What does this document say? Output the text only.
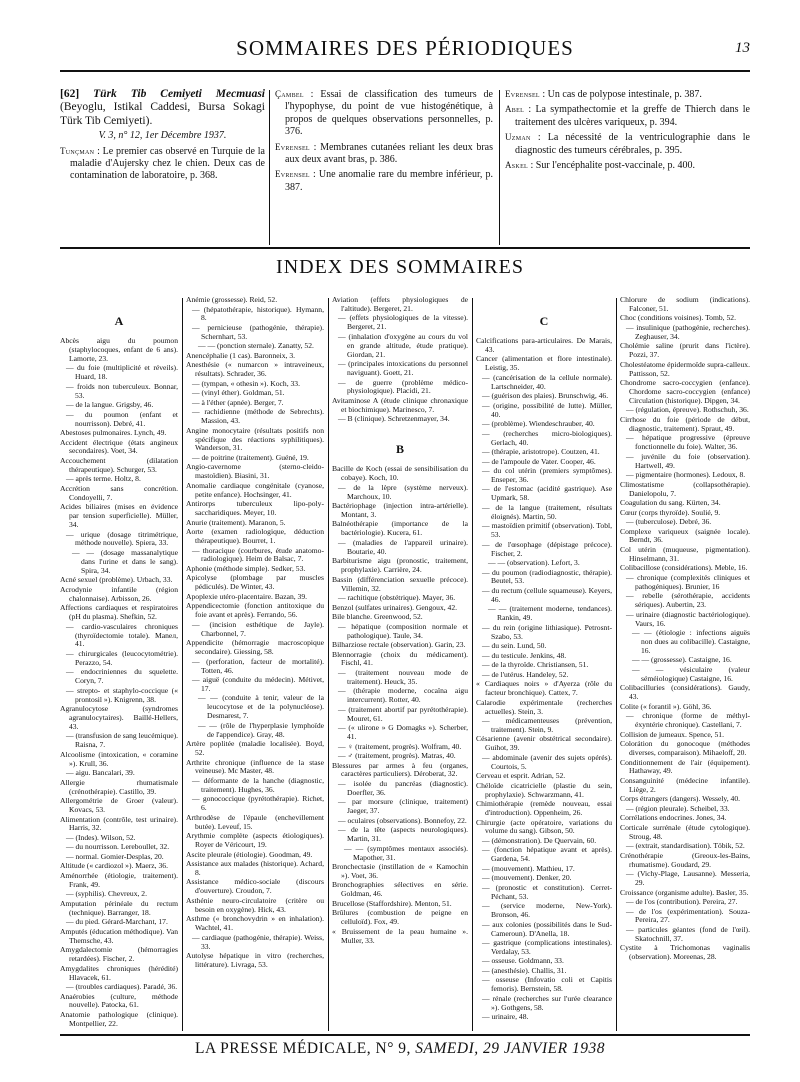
SOMMAIRES DES PÉRIODIQUES	13
[62] Türk Tib Cemiyeti Mecmuasi (Beyoglu, Istikal Caddesi, Bursa Sokagi Türk Tib Cemiyeti).
V. 3, n° 12, 1er Décembre 1937.
Tunçman : Le premier cas observé en Turquie de la maladie d'Aujersky chez le chien. Deux cas de contamination de laboratoire, p. 368.
Çambel : Essai de classification des tumeurs de l'hypophyse, du point de vue histogénétique, à propos de quelques observations personnelles, p. 376.
Evrensel : Membranes cutanées reliant les deux bras aux deux avant bras, p. 386.
Evrensel : Une anomalie rare du membre inférieur, p. 387.
Evrensel : Un cas de polypose intestinale, p. 387.
Abel : La sympathectomie et la greffe de Thierch dans le traitement des ulcères variqueux, p. 394.
Uzman : La nécessité de la ventriculographie dans le diagnostic des tumeurs cérébrales, p. 395.
Askel : Sur l'encéphalite post-vaccinale, p. 400.
INDEX DES SOMMAIRES
A
Abcès aigu du poumon (staphylocoques, enfant de 6 ans). Lamorte, 23.
— du foie (multiplicité et réveils). Huard, 18.
— froids non tuberculeux. Bonnar, 53.
— de la langue. Grigsby, 46.
— du poumon (enfant et nourrisson). Debré, 41.
Abestoses pulmonaires. Lynch, 49.
Accident électrique (états angineux secondaires). Voet, 34.
Accouchement (dilatation thérapeutique). Schurger, 53.
— après terme. Holtz, 8.
Accrétion sans concrétion. Condoyelli, 7.
Acides biliaires (mises en évidence par tension superficielle). Müller, 34.
— urique (dosage titrimétrique, méthode nouvelle). Spiera, 33.
— — (dosage massanalytique dans l'urine et dans le sang). Spira, 34.
Acné sexuel (problème). Urbach, 33.
Acrodynie infantile (région chalonnaise). Arbisson, 26.
Affections cardiaques et respiratoires (pH du plasma). Shefkin, 52.
— cardio-vasculaires chroniques (thyroïdectomie totale). Maneл, 41.
— chirurgicales (leucocytométrie). Perazzo, 54.
— endocriniennes du squelette. Coryn, 7.
— strepto- et staphylo-coccique (« prontosil »). Knigrenn, 38.
Agranulocytose (syndromes agranulocytaires). Baillé-Hellers, 43.
— (transfusion de sang leucémique). Raisna, 7.
Alcoolisme (intoxication, « coramine »). Krull, 36.
— aigu. Bancalari, 39.
Allergie rhumatismale (crénothérapie). Castillo, 39.
Allergométrie de Groer (valeur). Kovacs, 53.
Alimentation (contrôle, test urinaire). Harris, 32.
— (Indes). Wilson, 52.
— du nourrisson. Lereboullet, 32.
— normal. Gomier-Desplas, 20.
Altitude (« cardiozol »). Maerz, 36.
Aménorrhée (étiologie, traitement). Frank, 49.
— (syphilis). Chevreux, 2.
Amputation périnéale du rectum (technique). Barranger, 18.
— du pied. Gérard-Marchant, 17.
Amputés (éducation méthodique). Van Themsche, 43.
Amygdalectomie (hémorragies retardées). Fischer, 2.
Amygdalites chroniques (hérédité) Hlavacek, 61.
— (troubles cardiaques). Paradé, 36.
Anaérobies (culture, méthode nouvelle). Patocka, 61.
Anatomie pathologique (clinique). Montpellier, 22.
Anémie (grossesse). Reid, 52.
— (hépatothérapie, historique). Hymann, 8.
— pernicieuse (pathogénie, thérapie). Schernhart, 53.
— — (ponction sternale). Zanatty, 52.
Anencéphalie (1 cas). Baronneix, 3.
Anesthésie (« numarcon » intraveineux, résultats). Schrader, 36.
— (tympan, « othesin »). Koch, 33.
— (vinyl éther). Goldman, 51.
— à l'éther (apnée). Berger, 7.
— rachidienne (méthode de Sebrechts). Massion, 43.
Angine monocytaire (résultats positifs non spécifique des réactions syphilitiques). Wanderson, 31.
— de poitrine (traitement). Guéné, 19.
Angio-cavernome (sterno-cleido-mastoïdien). Biasini, 31.
Anomalie cardiaque congénitale (cyanose, petite enfance). Hochsinger, 41.
Antirorps tuberculeux lipo-poly-saccharidiques. Meyer, 10.
Anurie (traitement). Maranon, 5.
Aorte (examen radiologique, déduction thérapeutique). Bourret, 1.
— thoracique (courbures, étude anatomo-radiologique). Heim de Balsac, 7.
Aphonie (méthode simple). Sedker, 53.
Apicolyse (plombage par muscles pédiculés). De Winter, 43.
Apoplexie utéro-placentaire. Bazan, 39.
Appendicectomie (fonction antitoxique du foie avant et après). Ferrando, 56.
— (incision esthétique de Jayle). Charbonnel, 7.
Appendicite (hémorragie macroscopique secondaire). Giessing, 58.
— (perforation, facteur de mortalité). Totten, 46.
— aiguë (conduite du médecin). Métivet, 17.
— — (conduite à tenir, valeur de la leucocytose et de la polynucléose). Desmarest, 7.
— — (rôle de l'hyperplasie lymphoïde de l'appendice). Gray, 48.
Artère poplitée (maladie localisée). Boyd, 52.
Arthrite chronique (influence de la stase veineuse). Mc Master, 48.
— déformante de la hanche (diagnostic, traitement). Hughes, 36.
— gonococcique (pyrétothérapie). Richet, 6.
Arthrodèse de l'épaule (enchevillement butée). Leveuf, 15.
Arythmie complète (aspects étiologiques). Royer de Véricourt, 19.
Ascite pleurale (étiologie). Goodman, 49.
Assistance aux malades (historique). Achard, 8.
Assistance médico-sociale (discours d'ouverture). Croudon, 7.
Asthénie neuro-circulatoire (critère ou besoin en oxygène). Hick, 43.
Asthme (« bronchovydrin » en inhalation). Wachtel, 41.
— cardiaque (pathogénie, thérapie). Weiss, 33.
Autolyse hépatique in vitro (recherches, littérature). Livraga, 53.
Aviation (effets physiologiques de l'altitude). Bergeret, 21.
— (effets physiologiques de la vitesse). Bergeret, 21.
— (inhalation d'oxygène au cours du vol en grande altitude, étude pratique). Giordan, 21.
— (principales intoxications du personnel naviguant). Goett, 21.
— de guerre (problème médico-physiologique). Placidi, 21.
Avitaminose A (étude clinique chronaxique et biochimique). Marinesco, 7.
— B (clinique). Schretzenmayer, 34.
B
Bacille de Koch (essai de sensibilisation du cobaye). Koch, 10.
— de la lèpre (système nerveux). Marchoux, 10.
Bactériophage (injection intra-artérielle). Montant, 3.
Balnéothérapie (importance de la bactériologie). Kucera, 61.
— (maladies de l'appareil urinaire). Boutarie, 40.
Barbiturisme aigu (pronostic, traitement, prophylaxie). Carrière, 24.
Bassin (différenciation sexuelle précoce). Villemin, 32.
— rachitique (obstétrique). Mayer, 36.
Benzol (sulfates urinaires). Gengoux, 42.
Bile blanche. Greenwood, 52.
— hépatique (composition normale et pathologique). Taule, 34.
Bilharziose rectale (observation). Garin, 23.
Blennorragie (choix du médicament). Fischl, 41.
— (traitement nouveau mode de traitement). Heuck, 35.
— (thérapie moderne, cocaïna aigu intercurrent). Rotter, 40.
— (traitement abortif par pyrétothérapie). Mouret, 61.
— (« ulirone » G Domagks »). Scherber, 41.
— ♀ (traitement, progrès). Wolfram, 40.
— ♂ (traitement, progrès). Matras, 40.
Blessures par armes à feu (organes, caractères particuliers). Déroberat, 32.
— isolée du pancréas (diagnostic). Doerfler, 36.
— par morsure (clinique, traitement) Jaeger, 37.
— oculaires (observations). Bonnefoy, 22.
— de la tête (aspects neurologiques). Martin, 31.
— — (symptômes mentaux associés). Mapother, 31.
Bronchectasie (instillation de « Kamochin »). Voet, 36.
Bronchographies sélectives en série. Goldman, 46.
Brucellose (Staffordshire). Menton, 51.
Brûlures (combustion de peigne en celluloïd). Fox, 49.
« Bruissement de la peau humaine ». Muller, 33.
C
Calcifications para-articulaires. De Marais, 43.
Cancer (alimentation et flore intestinale). Leistig, 35.
— (cancérisation de la cellule normale). Lartschneider, 40.
— (guérison des plaies). Brunschwig, 46.
— (origine, possibilité de lutte). Müller, 40.
— (problème). Wiendeschrauber, 40.
— (recherches micro-biologiques). Gerlach, 40.
— (thérapie, aristotrope). Coutzen, 41.
— de l'ampoule de Vater. Cooper, 46.
— du col utérin (premiers symptômes). Enseper, 36.
— de l'estomac (acidité gastrique). Ase Upmark, 58.
— de la langue (traitement, résultats éloignés). Martin, 50.
— mastoïdien primitif (observation). Tobl, 53.
— de l'œsophage (dépistage précoce). Fischer, 2.
— — (observation). Lefort, 3.
— du poumon (radiodiagnostic, thérapie). Beutel, 53.
— du rectum (cellule squameuse). Keyers, 46.
— — (traitement moderne, tendances). Rankin, 49.
— du rein (origine lithiasique). Petrosnt-Szabo, 53.
— du sein. Lund, 50.
— du testicule. Jenkins, 48.
— de la thyroïde. Christiansen, 51.
— de l'utérus. Handeley, 52.
« Cardiaques noirs » d'Ayerza (rôle du facteur bronchique). Cattex, 7.
Calarodie expérimentale (recherches actuelles). Stein, 3.
— médicamenteuses (prévention, traitement). Stein, 9.
Césarienne (avenir obstétrical secondaire). Guihot, 39.
— abdominale (avenir des sujets opérés). Courtois, 5.
Cerveau et esprit. Adrian, 52.
Chéloïde cicatricielle (plastie du sein, prophylaxie). Schwarzmann, 41.
Chimiothérapie (remède nouveau, essai d'introduction). Oppenheim, 26.
Chirurgie (acte opératoire, variations du volume du sang). Gibson, 50.
— (démonstration). De Quervain, 60.
— (fonction hépatique avant et après). Gardena, 54.
— (mouvement). Mathieu, 17.
— (mouvement). Denker, 20.
— (pronostic et constitution). Cerret-Péchant, 53.
— (service moderne, New-York). Bronson, 46.
— aux colonies (possibilités dans le Sud-Cameroun). D'Anella, 18.
— gastrique (complications intestinales). Verdalay, 53.
— osseuse. Goldmann, 33.
— (anesthésie). Challis, 31.
— osseuse (Infovatio coli et Capitis femoris). Bernstein, 58.
— rénale (recherches sur l'urée clearance »). Gothgens, 58.
— urinaire, 48.
Chlorure de sodium (indications). Falconer, 51.
Choc (conditions voisines). Tomb, 52.
— insulinique (pathogénie, recherches). Zeghauser, 34.
Cholémie saline (prurit dans l'ictère). Pozzi, 37.
Cholestéatome épidermoïde supra-calleux. Pattisson, 52.
Chondrome sacro-coccygien (enfance). Chordome sacro-coccygien (enfance) Circulation (historique). Dipgen, 34.
— (régulation, épreuve). Rothschuh, 36.
Cirrhose du foie (période de début, diagnostic, traitement). Spraut, 49.
— hépatique progressive (épreuve fonctionnelle du foie). Walter, 36.
— juvénile du foie (observation). Hartwell, 49.
— pigmentaire (hormones). Ledoux, 8.
Climostatisme (collapsothérapie). Danielopolu, 7.
Coagulation du sang. Kürten, 34.
Cœur (corps thyroïde). Soulié, 9.
— (tuberculose). Debré, 36.
Complexe variqueux (saignée locale). Berndt, 36.
Col utérin (muqueuse, pigmentation). Hinselmann, 31.
Colibacillose (considérations). Meble, 16.
— chronique (complexités cliniques et pathogéniques). Brunier, 16
— rebelle (sérothérapie, accidents sériques). Aubertin, 23.
— urinaire (diagnostic bactériologique). Vaurs, 16.
— — (étiologie : infections aiguës non dues au colibacille). Castaigne, 16.
— — (grossesse). Castaigne, 16.
— — vésiculaire (valeur séméiologique) Castaigne, 16.
Colibacilluries (considérations). Gaudy, 43.
Colite (« forantil »). Göhl, 36.
— chronique (forme de méthyl-éxyntérie chronique). Castellani, 7.
Collision de jumeaux. Spence, 51.
Colorátion du gonocoque (méthodes diverses, comparaison). Mihaeloff, 20.
Conditionnement de l'air (équipement). Hathaway, 49.
Consanguinité (médecine infantile). Liège, 2.
Corps étrangers (dangers). Wessely, 40.
— (région pleurale). Scheibel, 33.
Corrélations endocrines. Jones, 34.
Corticale surrénale (étude cytologique). Stroug, 48.
— (extrait, standardisation). Töbik, 52.
Crénothérapie (Greoux-les-Bains, rhumatisme). Goudard, 29.
— (Vichy-Plage, Lausanne). Messeria, 29.
Croissance (organisme adulte). Basler, 35.
— de l'os (contribution). Pereira, 27.
— de l'os (expérimentation). Souza-Pereira, 27.
— particules géantes (fond de l'œil). Skatochnill, 37.
Cystite à Trichomonas vaginalis (observation). Moreenas, 28.
LA PRESSE MÉDICALE, N° 9, SAMEDI, 29 JANVIER 1938
